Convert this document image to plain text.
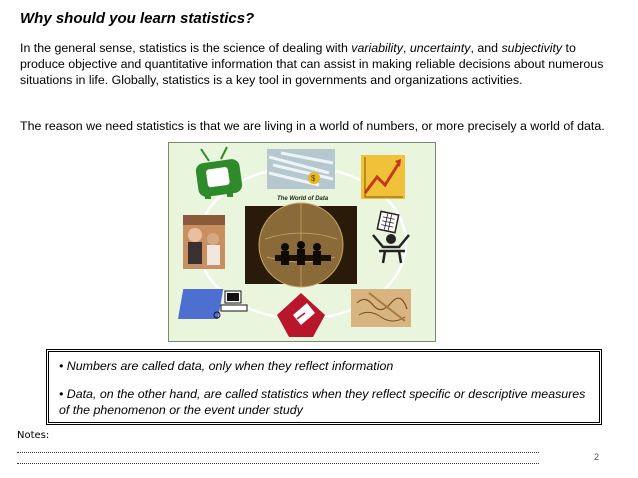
Why should you learn statistics?
In the general sense, statistics is the science of dealing with variability, uncertainty, and subjectivity to produce objective and quantitative information that can assist in making reliable decisions about numerous situations in life. Globally, statistics is a key tool in governments and organizations activities.
The reason we need statistics is that we are living in a world of numbers, or more precisely a world of data.
The World of Data
$
• Numbers are called data, only when they reflect information
• Data, on the other hand, are called statistics when they reflect specific or descriptive measures of the phenomenon or the event under study
Notes:
2
